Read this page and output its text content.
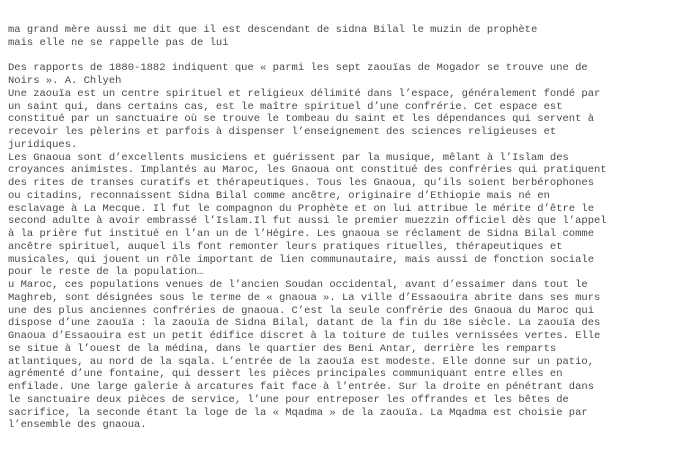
ma grand mère aussi me dit que il est descendant de sidna Bilal le muzin de prophète
mais elle ne se rappelle pas de lui
Des rapports de 1880-1882 indiquent que « parmi les sept zaouïas de Mogador se trouve une de
Noirs ». A. Chlyeh
Une zaouïa est un centre spirituel et religieux délimité dans l’espace, généralement fondé par
un saint qui, dans certains cas, est le maître spirituel d’une confrérie. Cet espace est
constitué par un sanctuaire où se trouve le tombeau du saint et les dépendances qui servent à
recevoir les pèlerins et parfois à dispenser l’enseignement des sciences religieuses et
juridiques.
Les Gnaoua sont d’excellents musiciens et guérissent par la musique, mêlant à l’Islam des
croyances animistes. Implantés au Maroc, les Gnaoua ont constitué des confréries qui pratiquent
des rites de transes curatifs et thérapeutiques. Tous les Gnaoua, qu’ils soient berbérophones
ou citadins, reconnaissent Sidna Bilal comme ancêtre, originaire d’Ethiopie mais né en
esclavage à La Mecque. Il fut le compagnon du Prophète et on lui attribue le mérite d’être le
second adulte à avoir embrassé l’Islam.Il fut aussi le premier muezzin officiel dès que l’appel
à la prière fut institué en l’an un de l’Hégire. Les gnaoua se réclament de Sidna Bilal comme
ancêtre spirituel, auquel ils font remonter leurs pratiques rituelles, thérapeutiques et
musicales, qui jouent un rôle important de lien communautaire, mais aussi de fonction sociale
pour le reste de la population…
u Maroc, ces populations venues de l’ancien Soudan occidental, avant d’essaimer dans tout le
Maghreb, sont désignées sous le terme de « gnaoua ». La ville d’Essaouira abrite dans ses murs
une des plus anciennes confréries de gnaoua. C’est la seule confrérie des Gnaoua du Maroc qui
dispose d’une zaouïa : la zaouïa de Sidna Bilal, datant de la fin du 18e siècle. La zaouïa des
Gnaoua d’Essaouira est un petit édifice discret à la toiture de tuiles vernissées vertes. Elle
se situe à l’ouest de la médina, dans le quartier des Beni Antar, derrière les remparts
atlantiques, au nord de la sqala. L’entrée de la zaouïa est modeste. Elle donne sur un patio,
agrémenté d’une fontaine, qui dessert les pièces principales communiquant entre elles en
enfilade. Une large galerie à arcatures fait face à l’entrée. Sur la droite en pénétrant dans
le sanctuaire deux pièces de service, l’une pour entreposer les offrandes et les bêtes de
sacrifice, la seconde étant la loge de la « Mqadma » de la zaouïa. La Mqadma est choisie par
l’ensemble des gnaoua.
